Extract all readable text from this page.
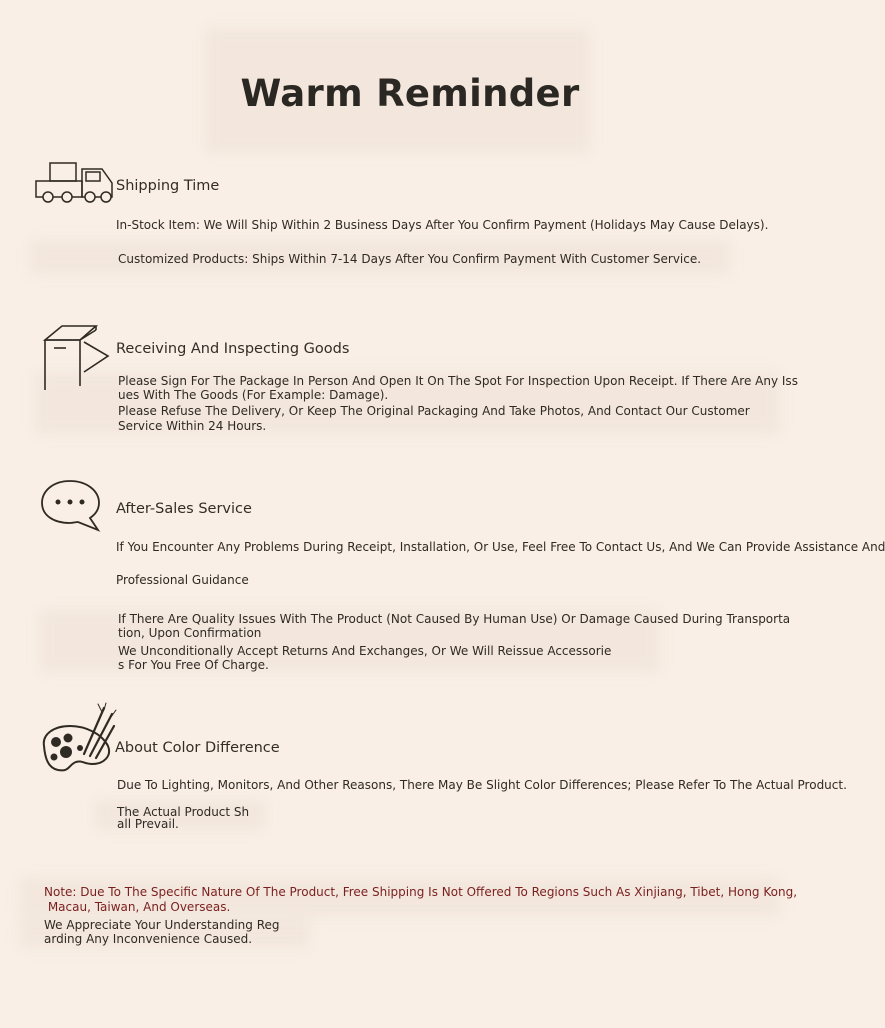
Warm Reminder
Shipping Time
In-Stock Item: We Will Ship Within 2 Business Days After You Confirm Payment (Holidays May Cause Delays).
Customized Products: Ships Within 7-14 Days After You Confirm Payment With Customer Service.
Receiving And Inspecting Goods
Please Sign For The Package In Person And Open It On The Spot For Inspection Upon Receipt. If There Are Any Iss
ues With The Goods (For Example: Damage).
Please Refuse The Delivery, Or Keep The Original Packaging And Take Photos, And Contact Our Customer
Service Within 24 Hours.
After-Sales Service
If You Encounter Any Problems During Receipt, Installation, Or Use, Feel Free To Contact Us, And We Can Provide Assistance And
Professional Guidance
If There Are Quality Issues With The Product (Not Caused By Human Use) Or Damage Caused During Transporta
tion, Upon Confirmation
We Unconditionally Accept Returns And Exchanges, Or We Will Reissue Accessorie
s For You Free Of Charge.
About Color Difference
Due To Lighting, Monitors, And Other Reasons, There May Be Slight Color Differences; Please Refer To The Actual Product.
The Actual Product Sh
all Prevail.
Note: Due To The Specific Nature Of The Product, Free Shipping Is Not Offered To Regions Such As Xinjiang, Tibet, Hong Kong,
Macau, Taiwan, And Overseas.
We Appreciate Your Understanding Reg
arding Any Inconvenience Caused.
